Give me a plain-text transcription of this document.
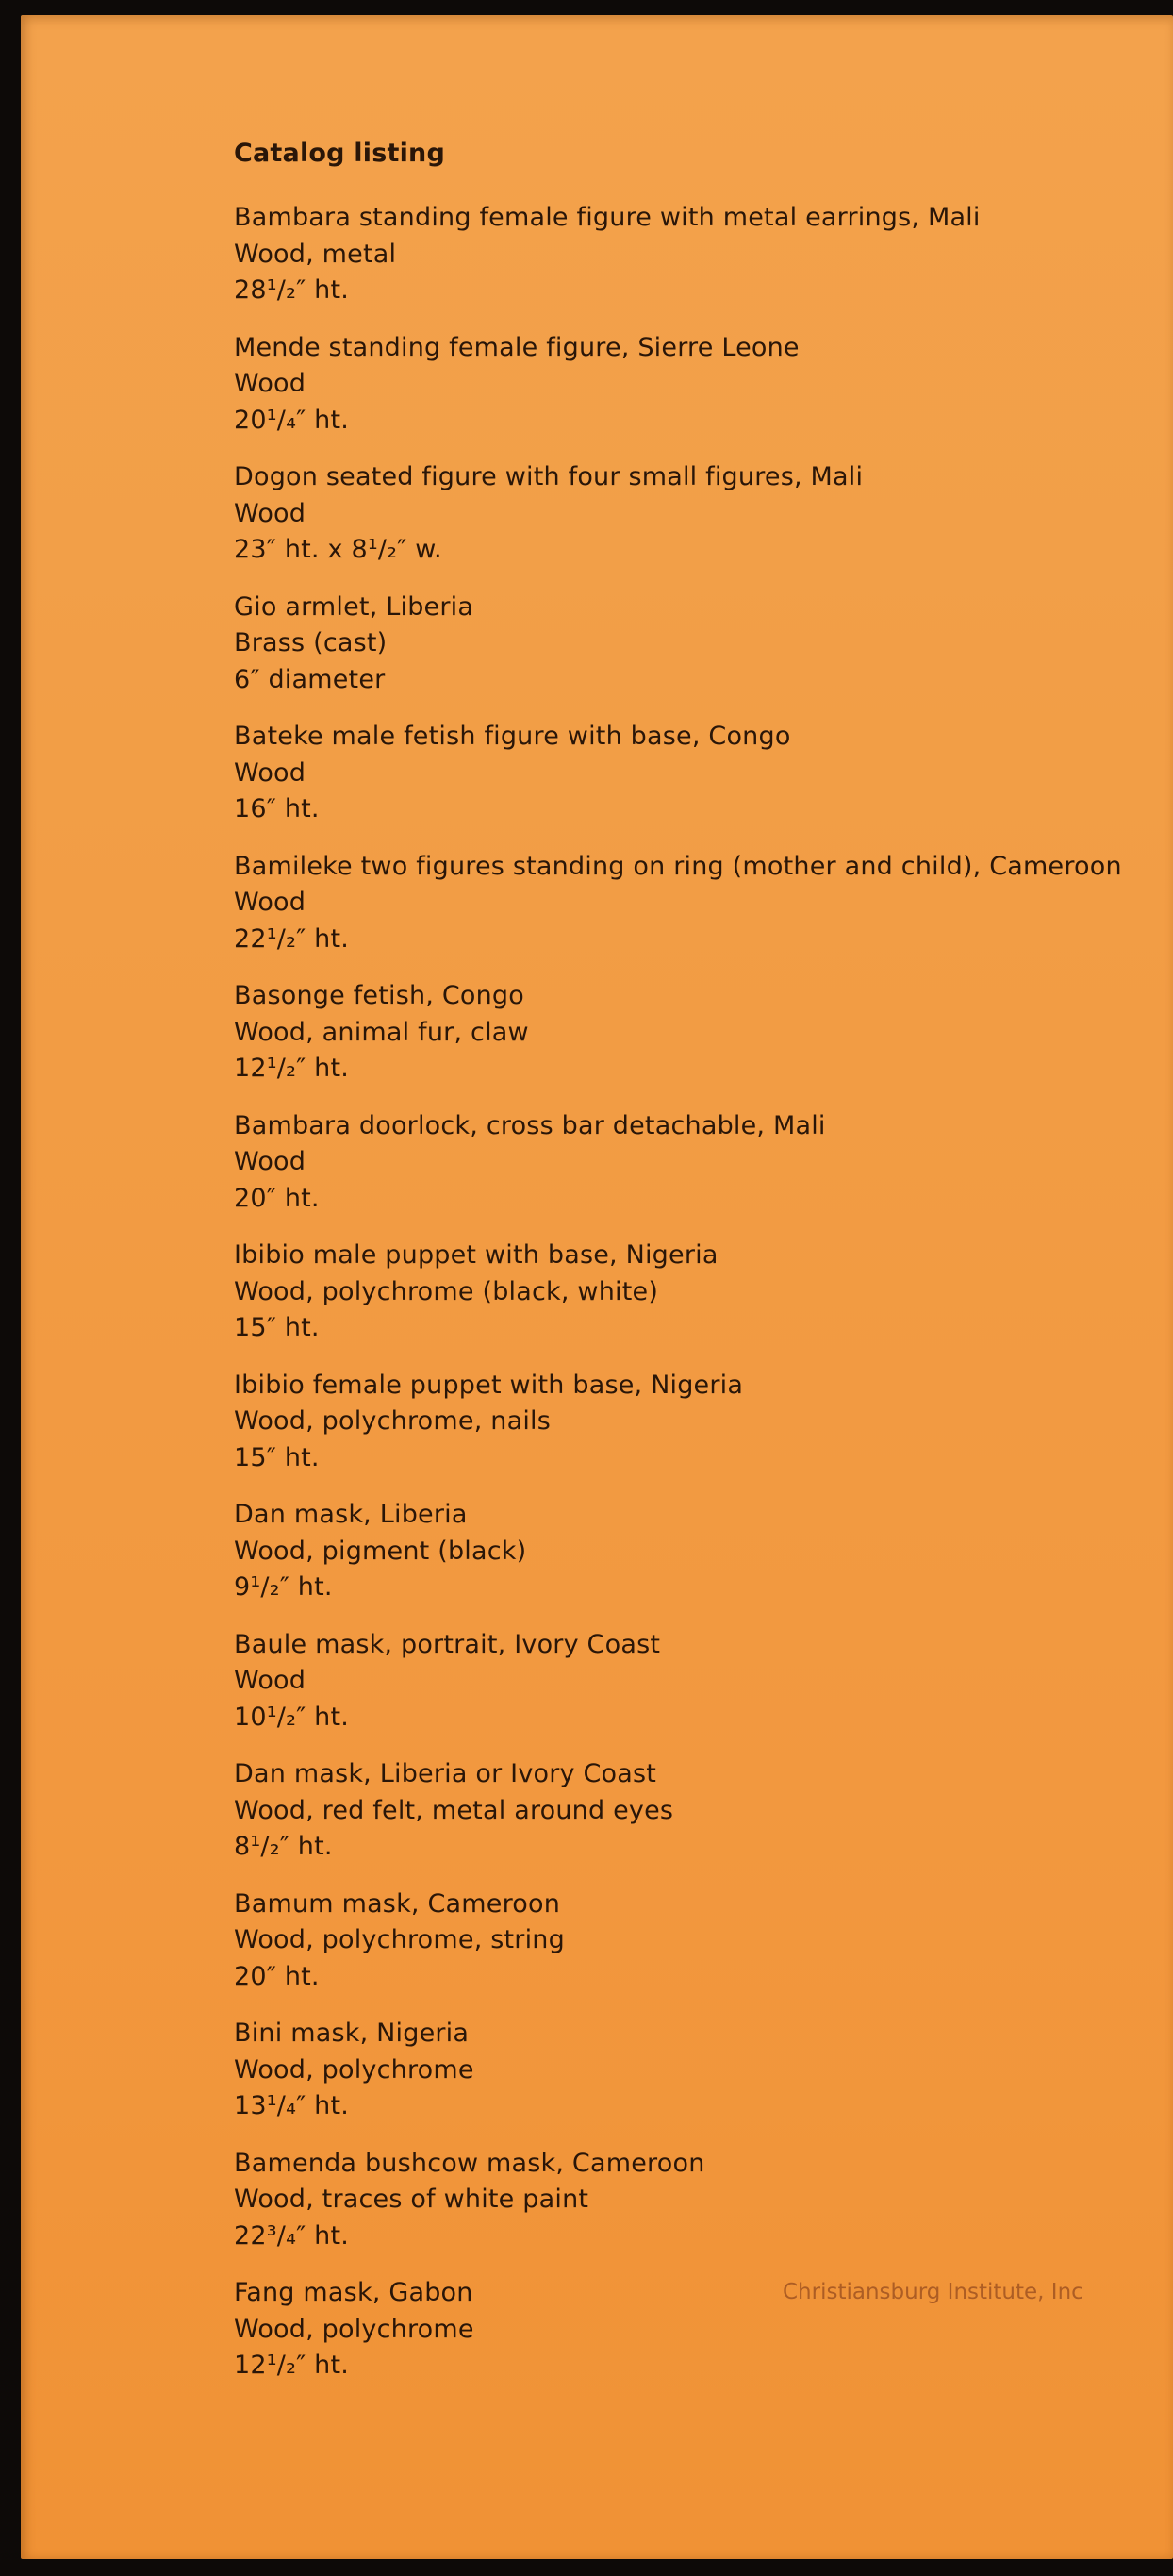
Catalog listing
Bambara standing female figure with metal earrings, Mali
Wood, metal
28¹/₂″ ht.
Mende standing female figure, Sierre Leone
Wood
20¹/₄″ ht.
Dogon seated figure with four small figures, Mali
Wood
23″ ht. x 8¹/₂″ w.
Gio armlet, Liberia
Brass (cast)
6″ diameter
Bateke male fetish figure with base, Congo
Wood
16″ ht.
Bamileke two figures standing on ring (mother and child), Cameroon
Wood
22¹/₂″ ht.
Basonge fetish, Congo
Wood, animal fur, claw
12¹/₂″ ht.
Bambara doorlock, cross bar detachable, Mali
Wood
20″ ht.
Ibibio male puppet with base, Nigeria
Wood, polychrome (black, white)
15″ ht.
Ibibio female puppet with base, Nigeria
Wood, polychrome, nails
15″ ht.
Dan mask, Liberia
Wood, pigment (black)
9¹/₂″ ht.
Baule mask, portrait, Ivory Coast
Wood
10¹/₂″ ht.
Dan mask, Liberia or Ivory Coast
Wood, red felt, metal around eyes
8¹/₂″ ht.
Bamum mask, Cameroon
Wood, polychrome, string
20″ ht.
Bini mask, Nigeria
Wood, polychrome
13¹/₄″ ht.
Bamenda bushcow mask, Cameroon
Wood, traces of white paint
22³/₄″ ht.
Fang mask, Gabon
Wood, polychrome
12¹/₂″ ht.
Christiansburg Institute, Inc
